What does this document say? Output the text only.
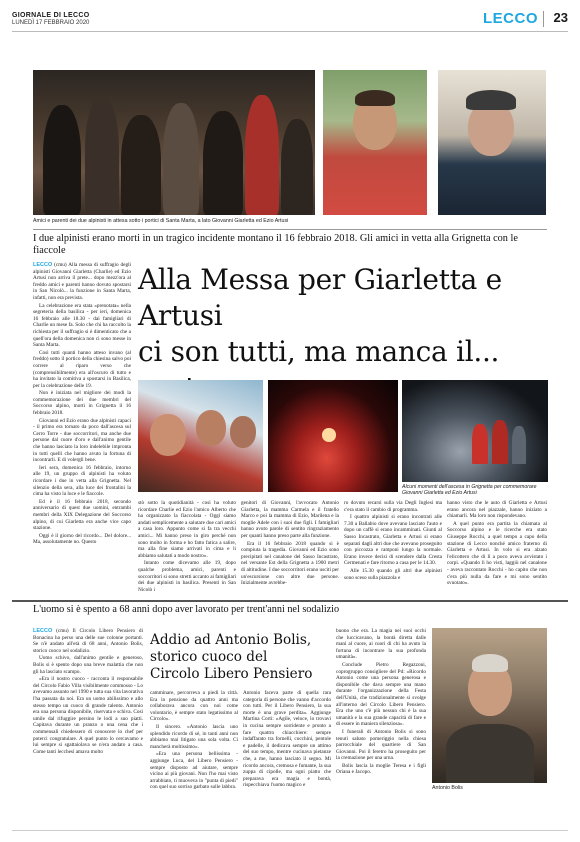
GIORNALE DI LECCO
LUNEDÌ 17 FEBBRAIO 2020	LECCO 23
Amici e parenti dei due alpinisti in attesa sotto i portici di Santa Marta, a lato Giovanni Giarletta ed Ezio Artusi
I due alpinisti erano morti in un tragico incidente montano il 16 febbraio 2018. Gli amici in vetta alla Grignetta con le fiaccole

LECCO (cmu) Alla messa di suffragio degli alpinisti Giovanni Giarletta (Charlie) ed Ezio Artusi non arriva il prete... dopo mezz'ora al freddo amici e parenti hanno dovuto spostarsi in San Nicolò... la funzione in Santa Marta, infatti, non era prevista.

La celebrazione era stata «prenotata» nella segreteria della basilica - per ieri, domenica 16 febbraio alle 18.30 - dai famigliari di Charlie un mese fa. Solo che chi ha raccolto la richiesta per il suffragio si è dimenticato che a quell'ora della domenica non ci sono messe in Santa Marta.

Così tutti quanti hanno atteso invano (al freddo) sotto il portico della chiesina salvo poi correre al riparo verso che (comprensibilmente) era all'oscuro di tutto e ha invitato la comitiva a spostarsi in Basilica, per la celebrazione delle 19.

Non è iniziata nel migliore dei modi la commemorazione dei due membri del Soccorso alpino, morti in Grignetta il 16 febbraio 2018.

Giovanni ed Ezio erano due alpinisti capaci - il primo era tornato da poco dall'ascesa sul Cerro Torre - due soccorritori, ma anche due persone dal cuore d'oro e dall'animo gentile che hanno lasciato la loro indelebile impronta in tutti quelli che hanno avuto la fortuna di incontrarli. E di volergli bene.

Ieri sera, domenica 16 febbraio, intorno alle 19, un gruppo di alpinisti ha voluto ricordare i due in vetta alla Grignetta. Nel silenzio della sera, alla luce dei frontalini la cima ha visto la luce e le fiaccole.

Ed è il 16 febbraio 2018, secondo anniversario di quest due uomini, entrambi membri della XIX Delegazione del Soccorso alpino, di cui Giarletta era anche vice capo stazione.

Oggi è il giorno del ricordo... Del dolore... Ma, assolutamente no. Questo

Alla Messa per Giarletta e Artusi
ci son tutti, ma manca il...
Alcuni momenti dell'ascesa in Grignetta per commemorare Giovanni Giarletta ed Ezio Artusi

stò sotto la quotidianità - così ha voluto ricordare Charlie ed Ezio l'amico Alberto che ha organizzato la fiaccolata - Oggi siamo andati semplicemente a salutare due cari amici a casa loro. Appunto come si fa tra vecchi amici... Mi hanno preso in giro perché non sono molto in forma e ho fatto fatica a salire, ma alla fine siamo arrivati in cima e li abbiamo salutati a modo nostro».

Intanto come dicevamo alle 19, dopo qualche problema, amici, parenti e soccorritori si sono stretti accanto ai famigliari dei due alpinisti in basilica. Presenti in San Nicolò i

genitori di Giovanni, l'avvocato Antonio Giarletta, la mamma Carmela e il fratello Marco e poi la mamma di Ezio, Marilena e la moglie Adele con i suoi due figli. I famigliari hanno avuto parole di sentito ringraziamento per quanti hanno preso parte alla funzione.

Era il 16 febbraio 2018 quando si è compiuta la tragedia. Giovanni ed Ezio sono precipitati nel canalone del Sasso Incastrato, nel versante Est della Grignetta a 1900 metri di altitudine. I due soccorritori erano usciti per un'escursione con altre due persone. Inizialmente avrebbe-

ro dovuto recarsi sulla via Degli Inglesi ma c'era stato il cambio di programma.

I quattro alpinisti si erano incontrati alle 7.30 a Ballabio dove avevano lasciato l'auto e dopo un caffè si erano incamminati. Giunti al Sasso Incastrato, Giarletta e Artusi si erano separati dagli altri due che avevano proseguito con piccozza e ramponi lungo la normale. Erano invece decisi di scendere dalla Cresta Cermenati e fare ritorno a casa per le 14.30.

Alle 15.30 quando gli altri due alpinisti sono sceso sulla piazzola e

hanno visto che le auto di Giarletta e Artusi erano ancora nel piazzale, hanno iniziato a chiamarli. Ma loro non rispondevano.

A quel punto era partita la chiamata al Soccorso alpino e le ricerche era stato Giuseppe Rocchi, a quel tempo a capo della stazione di Lecco nonché amico fraterno di Giarletta e Artusi. In volo si era alzato l'elicottero che di lì a poco aveva avvistato i corpi. «Quando li ho visti, laggiù nel canalone - aveva raccontato Rocchi - ho capito che non c'era più nulla da fare e mi sono sentito svuotato».

L'uomo si è spento a 68 anni dopo aver lavorato per trent'anni nel sodalizio

LECCO (cmu) Il Circolo Libero Pensiero di Bonacina ha perso una delle sue colonne portanti. Se n'è andato all'età di 68 anni, Antonio Bolis, storico cuoco nel sodalizio.

Uomo schivo, dall'animo gentile e generoso, Bolis si è spento dopo una breve malattia che non gli ha lasciato scampo.

«Era il nostro cuoco - racconta il responsabile del Circolo Fabio Villa visibilmente commosso - Lo avevamo assunto nel 1990 e tutta sua vita lavorativa l'ha passata da noi. Era un uomo abilissimo e allo stesso tempo un cuoco di grande talento. Antonio era una persona disponibile, riservata e schiva. Così umile dal rifuggire persino le lodi a suo piatti. Capitava durante un pranzo o una cena che i commensali chiedessero di conoscere lo chef per poterci congratulare. A quel punto lo cercavamo e lui sempre si sgattaiolava se n'era andato a casa. Come tanti lecchesi amava molto

Addio ad Antonio Bolis, storico cuoco del Circolo Libero Pensiero

camminare, percorreva a piedi la città. Era in pensione da quattro anni ma collaborava ancora con noi come volontario, è sempre stato legatissimo al Circolo».

Il sincero. «Antonio lascia uno splendido ricordo di sé, in tanti anni non abbiamo mai litigato una sola volta. Ci mancherà moltissimo».

«Era una persona bellissima - aggiunge Luca, del Libero Pensiero - sempre disposto ad aiutare, sempre vicino ai più giovani. Non l'ho mai visto arrabbiato, ti muoveva in "punta di piedi" con quel suo sorriso garbato sulle labbra.

Antonio faceva parte di quella rara categoria di persone che vanno d'accordo con tutti. Per il Libero Pensiero, la sua morte è una grave perdita». Aggiunge Martina Corti: «Agile, veloce, lo trovavi in cucina sempre sorridente e pronto a fare quattro chiacchiere: sempre indaffarato tra fornelli, cocchini, pentole e padelle, il dedicava sempre un attimo del suo tempo, mentre cucinava pietanze che, a me, hanno lasciato il segno. Mi ricordo ancora, cremosa e fumante, la sua zuppa di cipolle, ma ogni piatto che preparava era magia e bontà, rispecchiava l'uomo magico e

buono che era. La magia nei suoi occhi che luccicavano, la bontà diretta dalle mani al cuore, ai cuori di chi ha avuto la fortuna di incontrare la sua profonda umanità».

Conclude Pietro Regazzoni, coprogruppo consigliere del Pd: «Ricordo Antonio come una persona generosa e disponibile che dava sempre una mano durante l'organizzazione della Festa dell'Unità, che tradizionalmente si svolge all'interno del Circolo Libero Pensiero. Era che uno c'è più nessun chi è la sua umanità e la sua grande capacità di fare e di essere in maniera silenziosa».

I funerali di Antonio Bolis si sono tenuti sabato pomeriggio nella chiesa parrocchiale del quartiere di San Giovanni. Poi il feretro ha proseguito per la cremazione per una urna.

Bolis lascia la moglie Teresa e i figli Oriana e Jacopo.

Antonio Bolis
